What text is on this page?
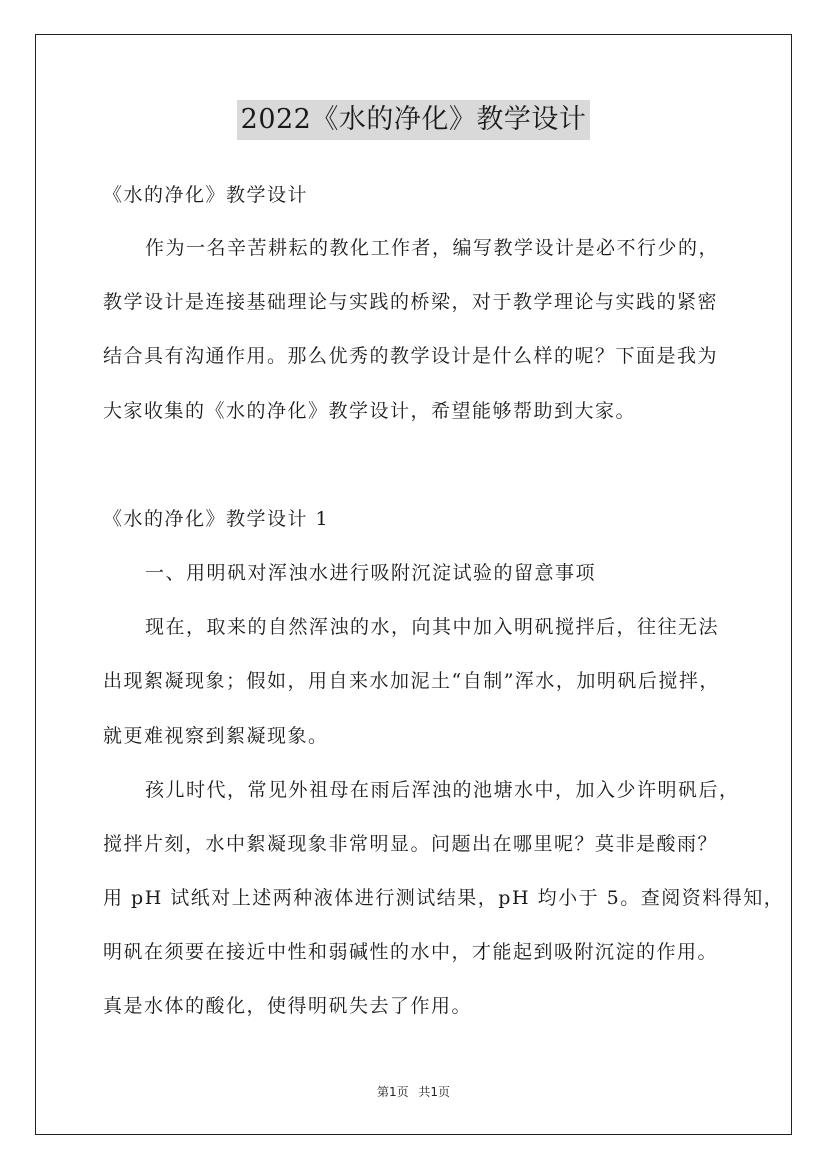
2022《水的净化》教学设计
《水的净化》教学设计
作为一名辛苦耕耘的教化工作者，编写教学设计是必不行少的，
教学设计是连接基础理论与实践的桥梁，对于教学理论与实践的紧密
结合具有沟通作用。那么优秀的教学设计是什么样的呢？下面是我为
大家收集的《水的净化》教学设计，希望能够帮助到大家。
《水的净化》教学设计 1
一、用明矾对浑浊水进行吸附沉淀试验的留意事项
现在，取来的自然浑浊的水，向其中加入明矾搅拌后，往往无法
出现絮凝现象；假如，用自来水加泥土“自制”浑水，加明矾后搅拌，
就更难视察到絮凝现象。
孩儿时代，常见外祖母在雨后浑浊的池塘水中，加入少许明矾后，
搅拌片刻，水中絮凝现象非常明显。问题出在哪里呢？莫非是酸雨？
用 pH 试纸对上述两种液体进行测试结果，pH 均小于 5。查阅资料得知，
明矾在须要在接近中性和弱碱性的水中，才能起到吸附沉淀的作用。
真是水体的酸化，使得明矾失去了作用。
第1页 共1页
